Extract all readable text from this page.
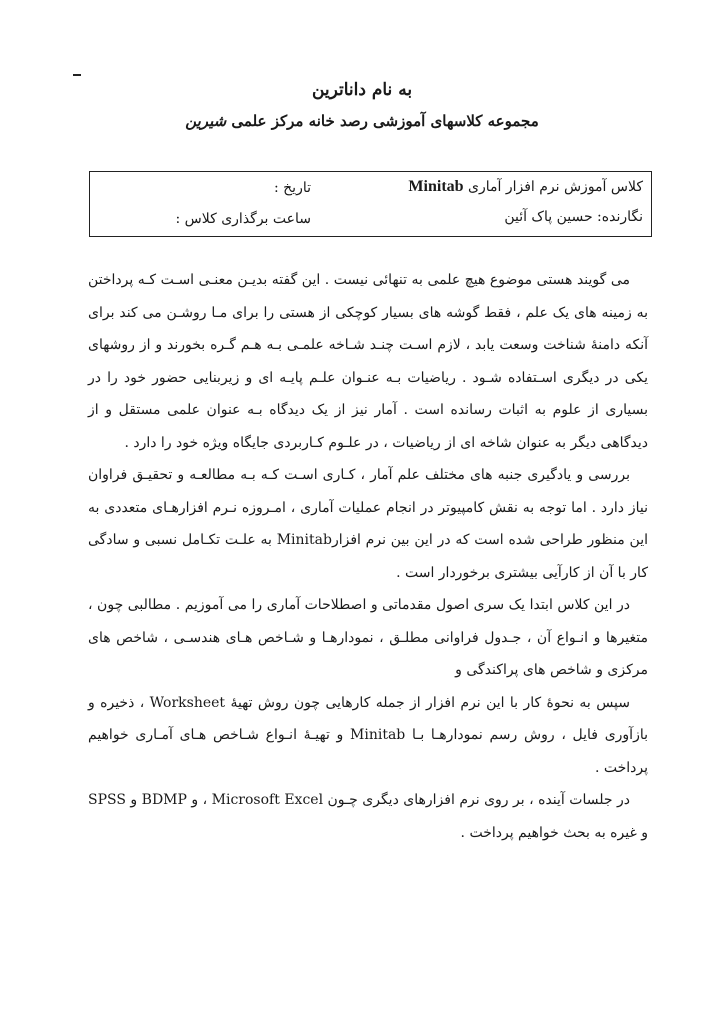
به نام داناترین
مجموعه کلاسهای آموزشی رصد خانه مرکز علمی شیرین
کلاس آموزش نرم افزار آماری Minitab
نگارنده: حسین پاک آئین
تاریخ :
ساعت برگذاری کلاس :

می گویند هستی موضوع هیچ علمی به تنهائی نیست . این گفته بدیـن معنـی اسـت کـه پرداختن به زمینه های یک علم ، فقط گوشه های بسیار کوچکی از هستی را برای مـا روشـن می کند برای آنکه دامنهٔ شناخت وسعت یابد ، لازم اسـت چنـد شـاخه علمـی بـه هـم گـره بخورند و از روشهای یکی در دیگری اسـتفاده شـود . ریاضیات بـه عنـوان علـم پایـه ای و زیربنایی حضور خود را در بسیاری از علوم به اثبات رسانده است . آمار نیز از یک دیدگاه بـه عنوان علمی مستقل و از دیدگاهی دیگر به عنوان شاخه ای از ریاضیات ، در علـوم کـاربردی جایگاه ویژه خود را دارد .

بررسی و یادگیری جنبه های مختلف علم آمار ، کـاری اسـت کـه بـه مطالعـه و تحقیـق فراوان نیاز دارد . اما توجه به نقش کامپیوتر در انجام عملیات آماری ، امـروزه نـرم افزارهـای متعددی به این منظور طراحی شده است که در این بین نرم افزارMinitab به علـت تکـامل نسبی و سادگی کار با آن از کارآیی بیشتری برخوردار است .

در این کلاس ابتدا یک سری اصول مقدماتی و اصطلاحات آماری را می آموزیم . مطالبی چون ، متغیرها و انـواع آن ، جـدول فراوانی مطلـق ، نمودارهـا و شـاخص هـای هندسـی ، شاخص های مرکزی و شاخص های پراکندگی و

سپس به نحوهٔ کار با این نرم افزار از جمله کارهایی چون روش تهیهٔ Worksheet ، ذخیره و بازآوری فایل ، روش رسم نمودارهـا بـا Minitab و تهیـهٔ انـواع شـاخص هـای آمـاری خواهیم پرداخت .

در جلسات آینده ، بر روی نرم افزارهای دیگری چـون Microsoft Excel ، و BDMP و SPSS و غیره به بحث خواهیم پرداخت .
